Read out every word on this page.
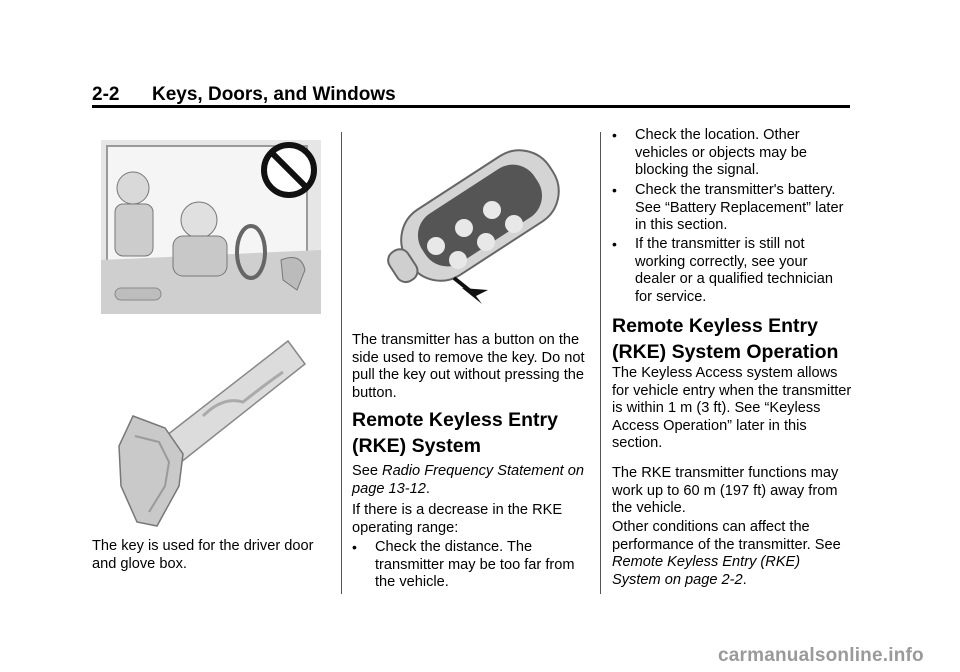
2-2 Keys, Doors, and Windows

The key is used for the driver door and glove box.

The transmitter has a button on the side used to remove the key. Do not pull the key out without pressing the button.

Remote Keyless Entry (RKE) System
See Radio Frequency Statement on page 13-12.

If there is a decrease in the RKE operating range:

• Check the distance. The transmitter may be too far from the vehicle.
• Check the location. Other vehicles or objects may be blocking the signal.
• Check the transmitter's battery. See “Battery Replacement” later in this section.
• If the transmitter is still not working correctly, see your dealer or a qualified technician for service.
Remote Keyless Entry (RKE) System Operation

The Keyless Access system allows for vehicle entry when the transmitter is within 1 m (3 ft). See “Keyless Access Operation” later in this section.

The RKE transmitter functions may work up to 60 m (197 ft) away from the vehicle.

Other conditions can affect the performance of the transmitter. See Remote Keyless Entry (RKE) System on page 2-2.
carmanualsonline.info
